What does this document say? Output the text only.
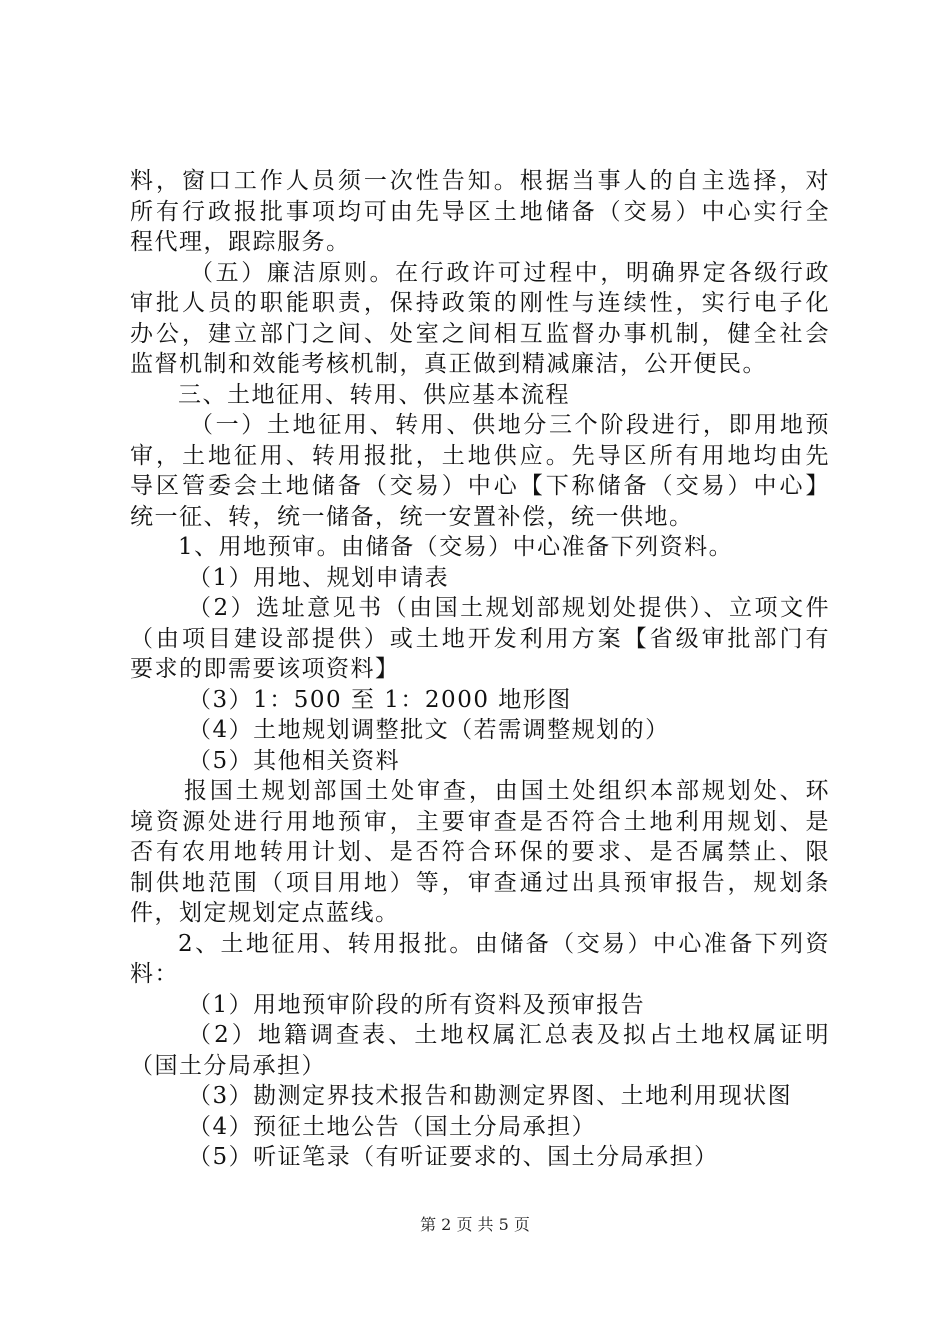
料，窗口工作人员须一次性告知。根据当事人的自主选择，对
所有行政报批事项均可由先导区土地储备（交易）中心实行全
程代理，跟踪服务。
（五）廉洁原则。在行政许可过程中，明确界定各级行政
审批人员的职能职责，保持政策的刚性与连续性，实行电子化
办公，建立部门之间、处室之间相互监督办事机制，健全社会
监督机制和效能考核机制，真正做到精减廉洁，公开便民。
三、土地征用、转用、供应基本流程
（一）土地征用、转用、供地分三个阶段进行，即用地预
审，土地征用、转用报批，土地供应。先导区所有用地均由先
导区管委会土地储备（交易）中心【下称储备（交易）中心】
统一征、转，统一储备，统一安置补偿，统一供地。
1、用地预审。由储备（交易）中心准备下列资料。
（1）用地、规划申请表
（2）选址意见书（由国土规划部规划处提供）、立项文件
（由项目建设部提供）或土地开发利用方案【省级审批部门有
要求的即需要该项资料】
（3）1：500 至 1：2000 地形图
（4）土地规划调整批文（若需调整规划的）
（5）其他相关资料
报国土规划部国土处审查，由国土处组织本部规划处、环
境资源处进行用地预审，主要审查是否符合土地利用规划、是
否有农用地转用计划、是否符合环保的要求、是否属禁止、限
制供地范围（项目用地）等，审查通过出具预审报告，规划条
件，划定规划定点蓝线。
2、土地征用、转用报批。由储备（交易）中心准备下列资
料：
（1）用地预审阶段的所有资料及预审报告
（2）地籍调查表、土地权属汇总表及拟占土地权属证明
（国土分局承担）
（3）勘测定界技术报告和勘测定界图、土地利用现状图
（4）预征土地公告（国土分局承担）
（5）听证笔录（有听证要求的、国土分局承担）
第 2 页 共 5 页
